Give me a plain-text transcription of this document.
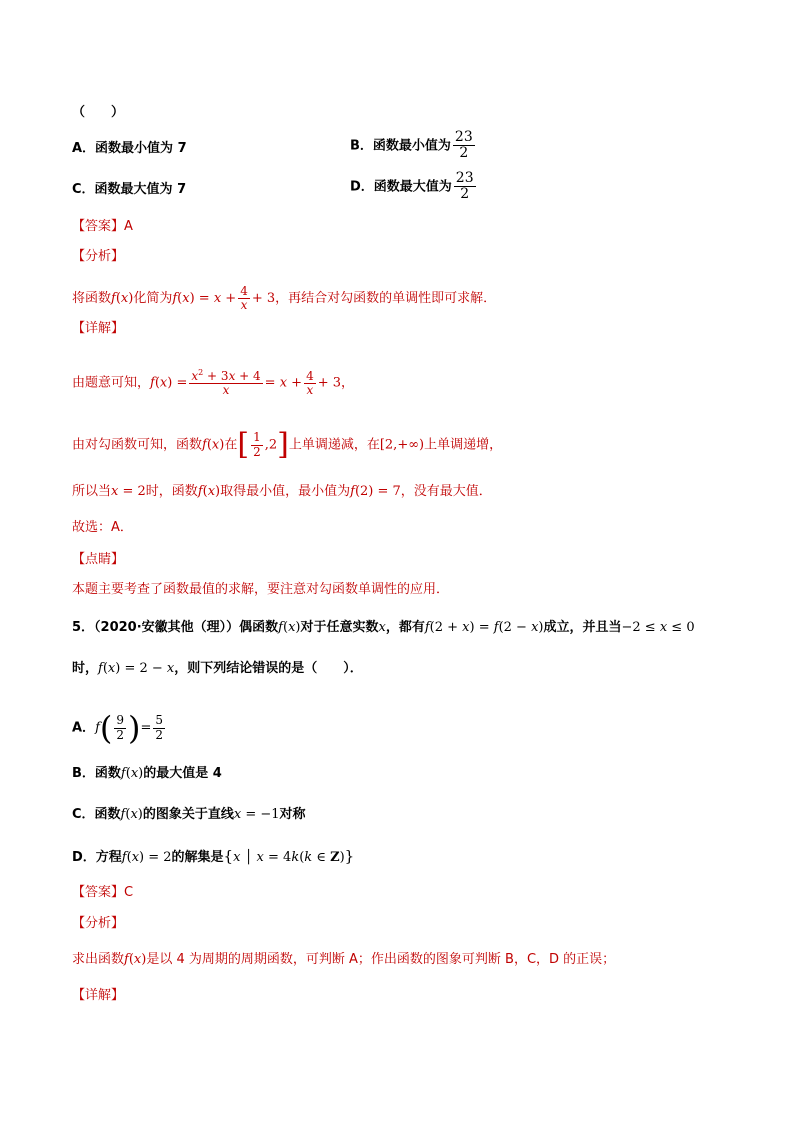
（　　）
A．函数最小值为 7	B．函数最小值为 $\frac{23}{2}$
C．函数最大值为 7	D．函数最大值为 $\frac{23}{2}$
【答案】A
【分析】
将函数f(x)化简为$f(x) = x + \frac{4}{x} + 3$，再结合对勾函数的单调性即可求解．
【详解】
由题意可知，$f(x) = \frac{x^2 + 3x + 4}{x} = x + \frac{4}{x} + 3$，
由对勾函数可知，函数f(x)在[ $\frac{1}{2} ,2$]上单调递减，在[2,+∞)上单调递增，
所以当x = 2时，函数f(x)取得最小值，最小值为f(2) = 7，没有最大值．
故选：A．
【点睛】
本题主要考查了函数最值的求解，要注意对勾函数单调性的应用．
5．（2020·安徽其他（理））偶函数f(x)对于任意实数x，都有f(2 + x) = f(2 − x)成立，并且当−2 ≤ x ≤ 0
时，f(x) = 2 − x，则下列结论错误的是（　　）．
A．$f( \frac{9}{2}$ )= $\frac{5}{2}$
B．函数f(x)的最大值是 4
C．函数f(x)的图象关于直线x = −1对称
D．方程f(x) = 2的解集是{x │ x = 4k(k ∈ Z)}
【答案】C
【分析】
求出函数f(x)是以 4 为周期的周期函数，可判断 A；作出函数的图象可判断 B，C，D 的正误；
【详解】
